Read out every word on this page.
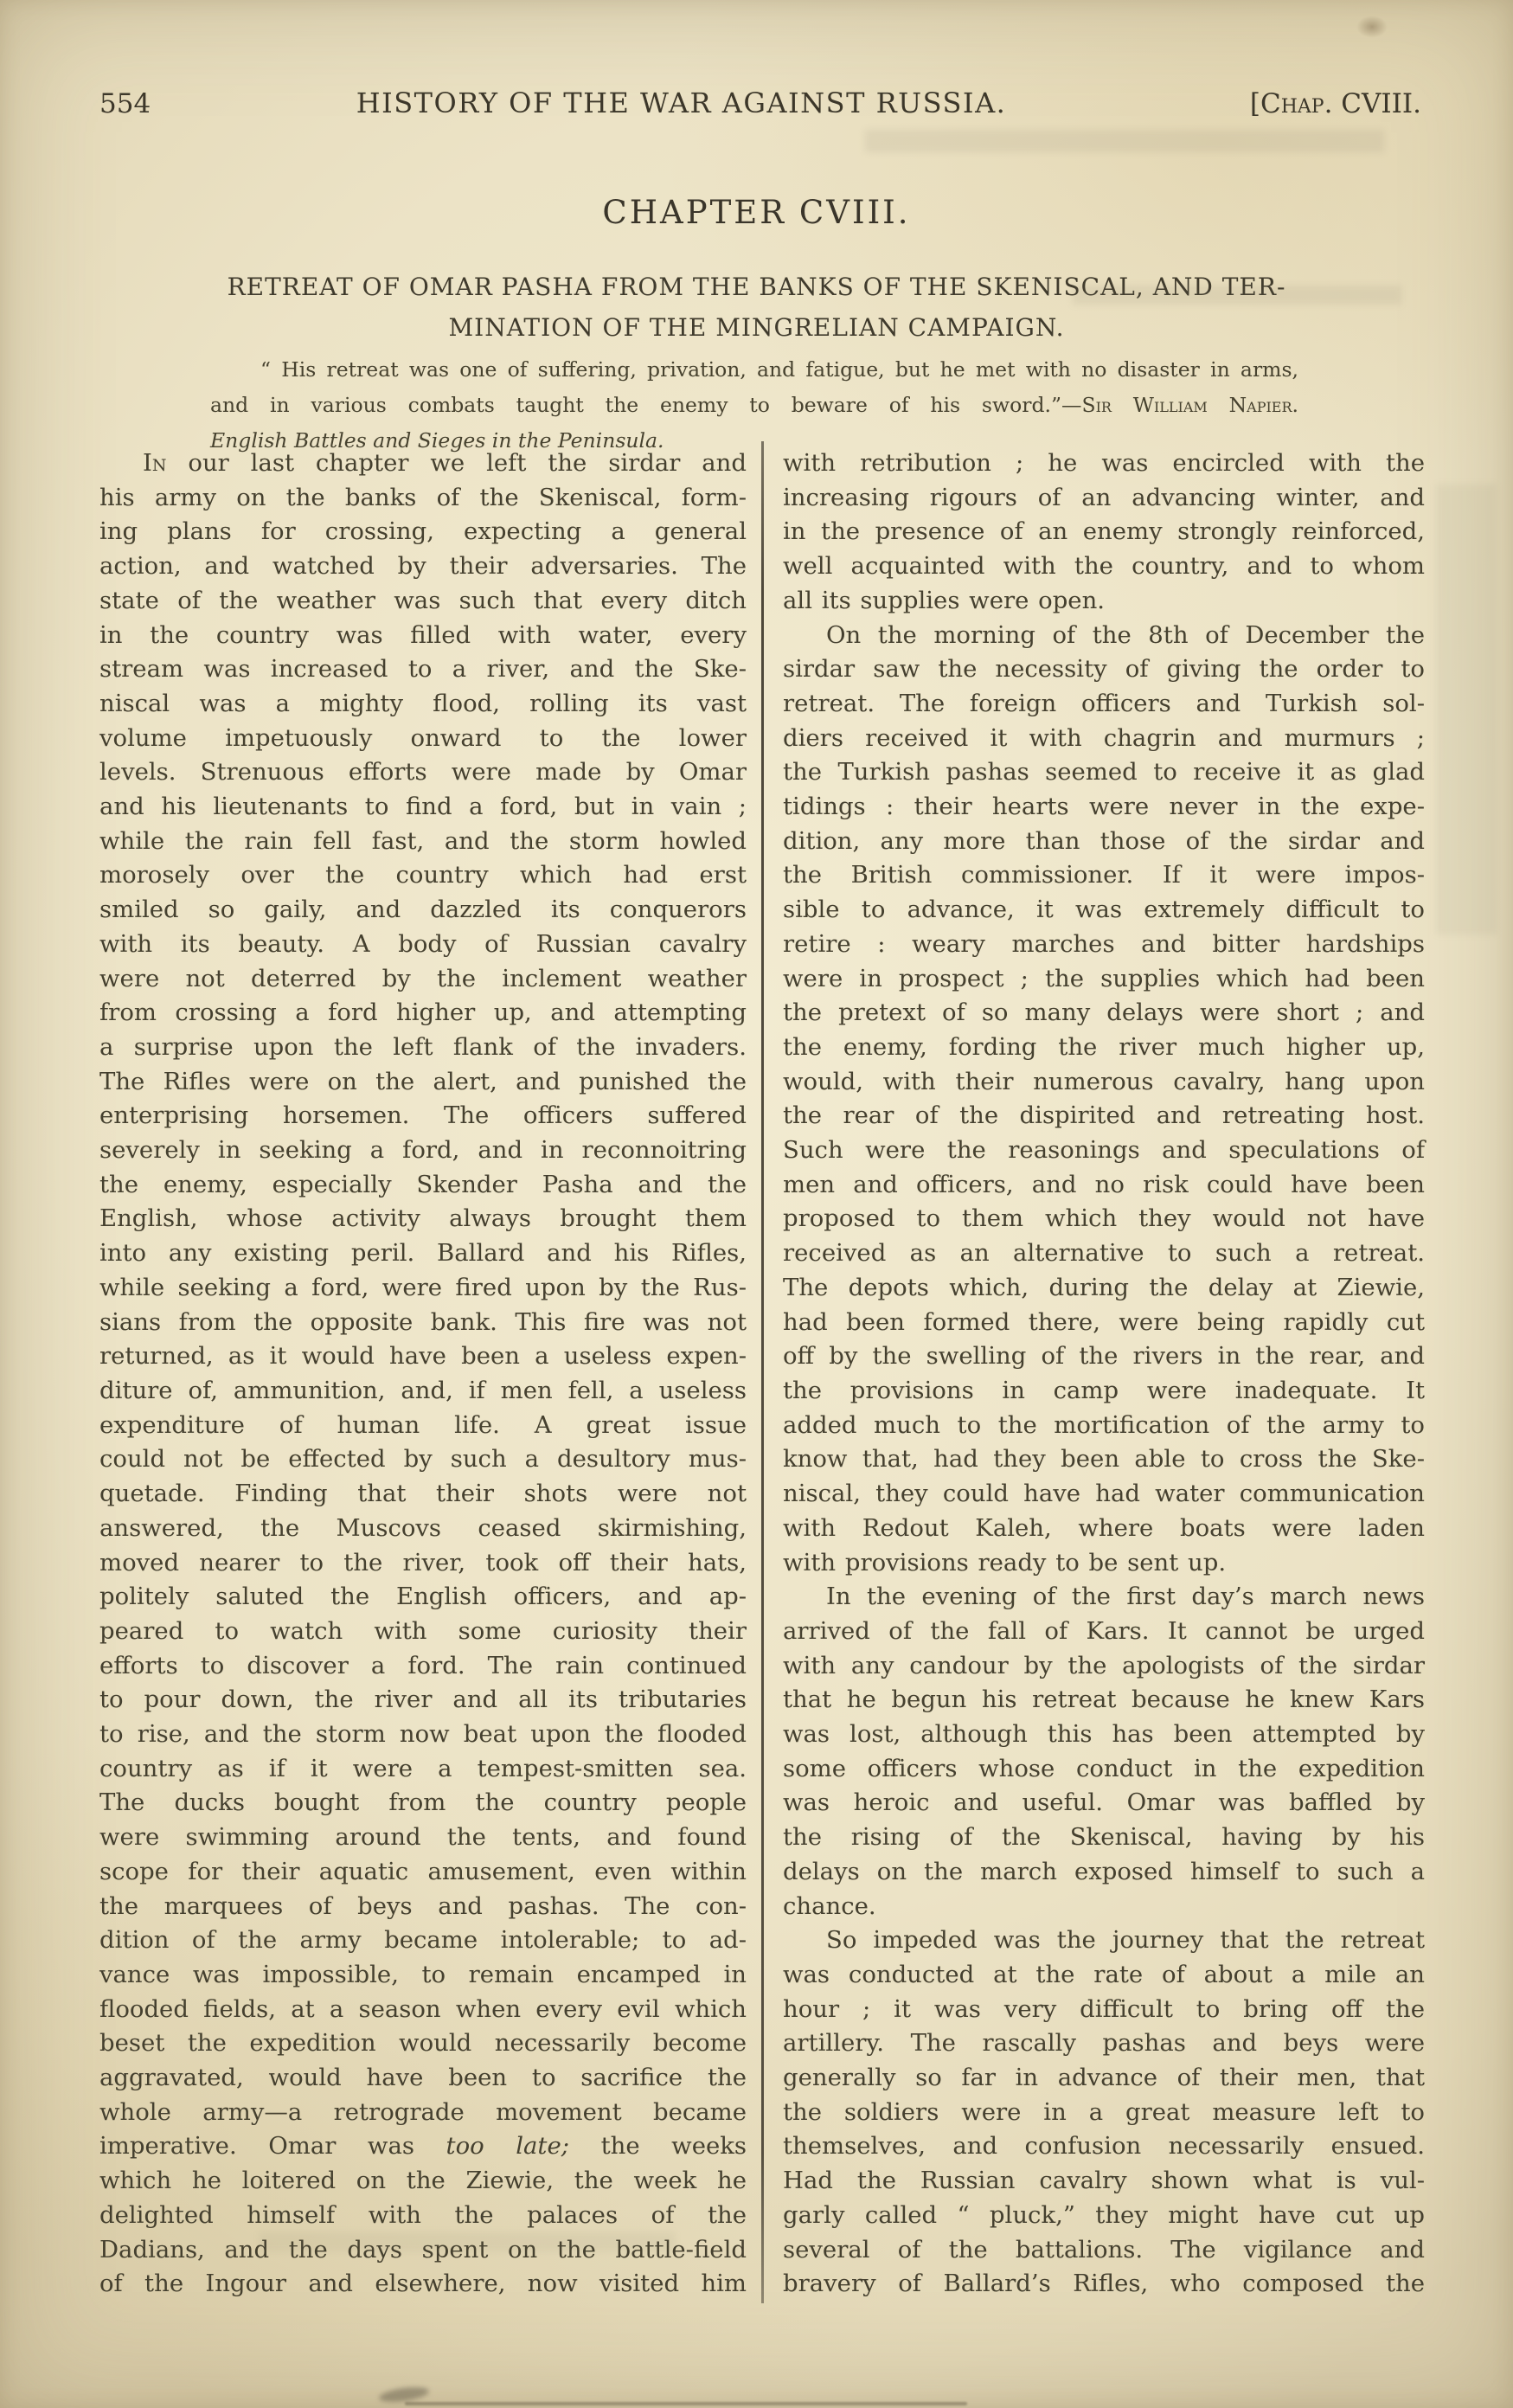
554	HISTORY OF THE WAR AGAINST RUSSIA.	[Chap. CVIII.
CHAPTER CVIII.
RETREAT OF OMAR PASHA FROM THE BANKS OF THE SKENISCAL, AND TER-
MINATION OF THE MINGRELIAN CAMPAIGN.
“ His retreat was one of suffering, privation, and fatigue, but he met with no disaster in arms,
and in various combats taught the enemy to beware of his sword.”—Sir William Napier.
English Battles and Sieges in the Peninsula.
In our last chapter we left the sirdar and
his army on the banks of the Skeniscal, form-
ing plans for crossing, expecting a general
action, and watched by their adversaries. The
state of the weather was such that every ditch
in the country was filled with water, every
stream was increased to a river, and the Ske-
niscal was a mighty flood, rolling its vast
volume impetuously onward to the lower
levels. Strenuous efforts were made by Omar
and his lieutenants to find a ford, but in vain ;
while the rain fell fast, and the storm howled
morosely over the country which had erst
smiled so gaily, and dazzled its conquerors
with its beauty. A body of Russian cavalry
were not deterred by the inclement weather
from crossing a ford higher up, and attempting
a surprise upon the left flank of the invaders.
The Rifles were on the alert, and punished the
enterprising horsemen. The officers suffered
severely in seeking a ford, and in reconnoitring
the enemy, especially Skender Pasha and the
English, whose activity always brought them
into any existing peril. Ballard and his Rifles,
while seeking a ford, were fired upon by the Rus-
sians from the opposite bank. This fire was not
returned, as it would have been a useless expen-
diture of, ammunition, and, if men fell, a useless
expenditure of human life. A great issue
could not be effected by such a desultory mus-
quetade. Finding that their shots were not
answered, the Muscovs ceased skirmishing,
moved nearer to the river, took off their hats,
politely saluted the English officers, and ap-
peared to watch with some curiosity their
efforts to discover a ford. The rain continued
to pour down, the river and all its tributaries
to rise, and the storm now beat upon the flooded
country as if it were a tempest-smitten sea.
The ducks bought from the country people
were swimming around the tents, and found
scope for their aquatic amusement, even within
the marquees of beys and pashas. The con-
dition of the army became intolerable; to ad-
vance was impossible, to remain encamped in
flooded fields, at a season when every evil which
beset the expedition would necessarily become
aggravated, would have been to sacrifice the
whole army—a retrograde movement became
imperative. Omar was too late; the weeks
which he loitered on the Ziewie, the week he
delighted himself with the palaces of the
Dadians, and the days spent on the battle-field
of the Ingour and elsewhere, now visited him
with retribution ; he was encircled with the
increasing rigours of an advancing winter, and
in the presence of an enemy strongly reinforced,
well acquainted with the country, and to whom
all its supplies were open.
On the morning of the 8th of December the
sirdar saw the necessity of giving the order to
retreat. The foreign officers and Turkish sol-
diers received it with chagrin and murmurs ;
the Turkish pashas seemed to receive it as glad
tidings : their hearts were never in the expe-
dition, any more than those of the sirdar and
the British commissioner. If it were impos-
sible to advance, it was extremely difficult to
retire : weary marches and bitter hardships
were in prospect ; the supplies which had been
the pretext of so many delays were short ; and
the enemy, fording the river much higher up,
would, with their numerous cavalry, hang upon
the rear of the dispirited and retreating host.
Such were the reasonings and speculations of
men and officers, and no risk could have been
proposed to them which they would not have
received as an alternative to such a retreat.
The depots which, during the delay at Ziewie,
had been formed there, were being rapidly cut
off by the swelling of the rivers in the rear, and
the provisions in camp were inadequate. It
added much to the mortification of the army to
know that, had they been able to cross the Ske-
niscal, they could have had water communication
with Redout Kaleh, where boats were laden
with provisions ready to be sent up.
In the evening of the first day’s march news
arrived of the fall of Kars. It cannot be urged
with any candour by the apologists of the sirdar
that he begun his retreat because he knew Kars
was lost, although this has been attempted by
some officers whose conduct in the expedition
was heroic and useful. Omar was baffled by
the rising of the Skeniscal, having by his
delays on the march exposed himself to such a
chance.
So impeded was the journey that the retreat
was conducted at the rate of about a mile an
hour ; it was very difficult to bring off the
artillery. The rascally pashas and beys were
generally so far in advance of their men, that
the soldiers were in a great measure left to
themselves, and confusion necessarily ensued.
Had the Russian cavalry shown what is vul-
garly called “ pluck,” they might have cut up
several of the battalions. The vigilance and
bravery of Ballard’s Rifles, who composed the
